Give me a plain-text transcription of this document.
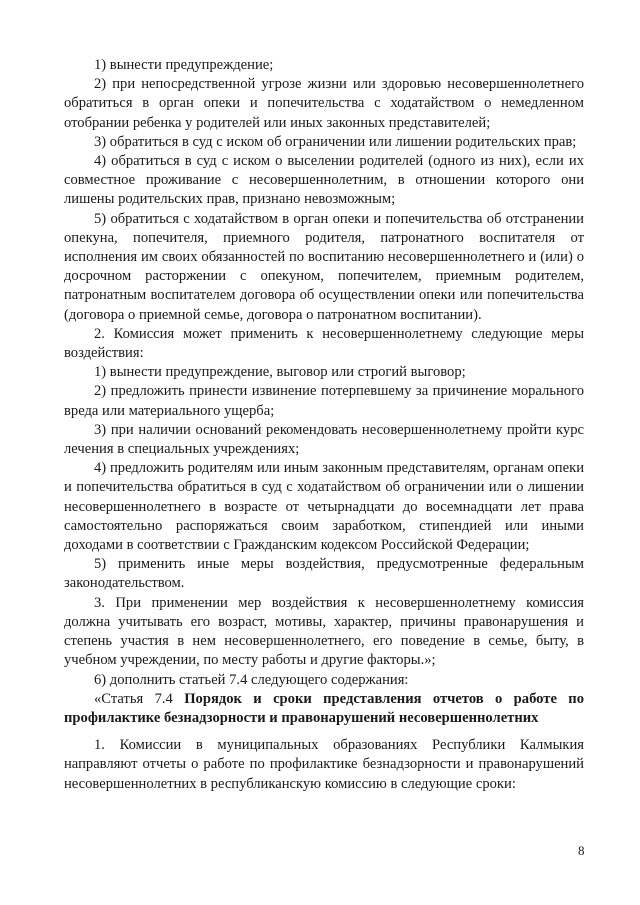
1) вынести предупреждение;

2) при непосредственной угрозе жизни или здоровью несовершеннолетнего обратиться в орган опеки и попечительства с ходатайством о немедленном отобрании ребенка у родителей или иных законных представителей;

3) обратиться в суд с иском об ограничении или лишении родительских прав;

4) обратиться в суд с иском о выселении родителей (одного из них), если их совместное проживание с несовершеннолетним, в отношении которого они лишены родительских прав, признано невозможным;

5) обратиться с ходатайством в орган опеки и попечительства об отстранении опекуна, попечителя, приемного родителя, патронатного воспитателя от исполнения им своих обязанностей по воспитанию несовершеннолетнего и (или) о досрочном расторжении с опекуном, попечителем, приемным родителем, патронатным воспитателем договора об осуществлении опеки или попечительства (договора о приемной семье, договора о патронатном воспитании).

2. Комиссия может применить к несовершеннолетнему следующие меры воздействия:

1) вынести предупреждение, выговор или строгий выговор;

2) предложить принести извинение потерпевшему за причинение морального вреда или материального ущерба;

3) при наличии оснований рекомендовать несовершеннолетнему пройти курс лечения в специальных учреждениях;

4) предложить родителям или иным законным представителям, органам опеки и попечительства обратиться в суд с ходатайством об ограничении или о лишении несовершеннолетнего в возрасте от четырнадцати до восемнадцати лет права самостоятельно распоряжаться своим заработком, стипендией или иными доходами в соответствии с Гражданским кодексом Российской Федерации;

5) применить иные меры воздействия, предусмотренные федеральным законодательством.

3. При применении мер воздействия к несовершеннолетнему комиссия должна учитывать его возраст, мотивы, характер, причины правонарушения и степень участия в нем несовершеннолетнего, его поведение в семье, быту, в учебном учреждении, по месту работы и другие факторы.»;

6) дополнить статьей 7.4 следующего содержания:

«Статья 7.4 Порядок и сроки представления отчетов о работе по профилактике безнадзорности и правонарушений несовершеннолетних

1. Комиссии в муниципальных образованиях Республики Калмыкия направляют отчеты о работе по профилактике безнадзорности и правонарушений несовершеннолетних в республиканскую комиссию в следующие сроки:

8
